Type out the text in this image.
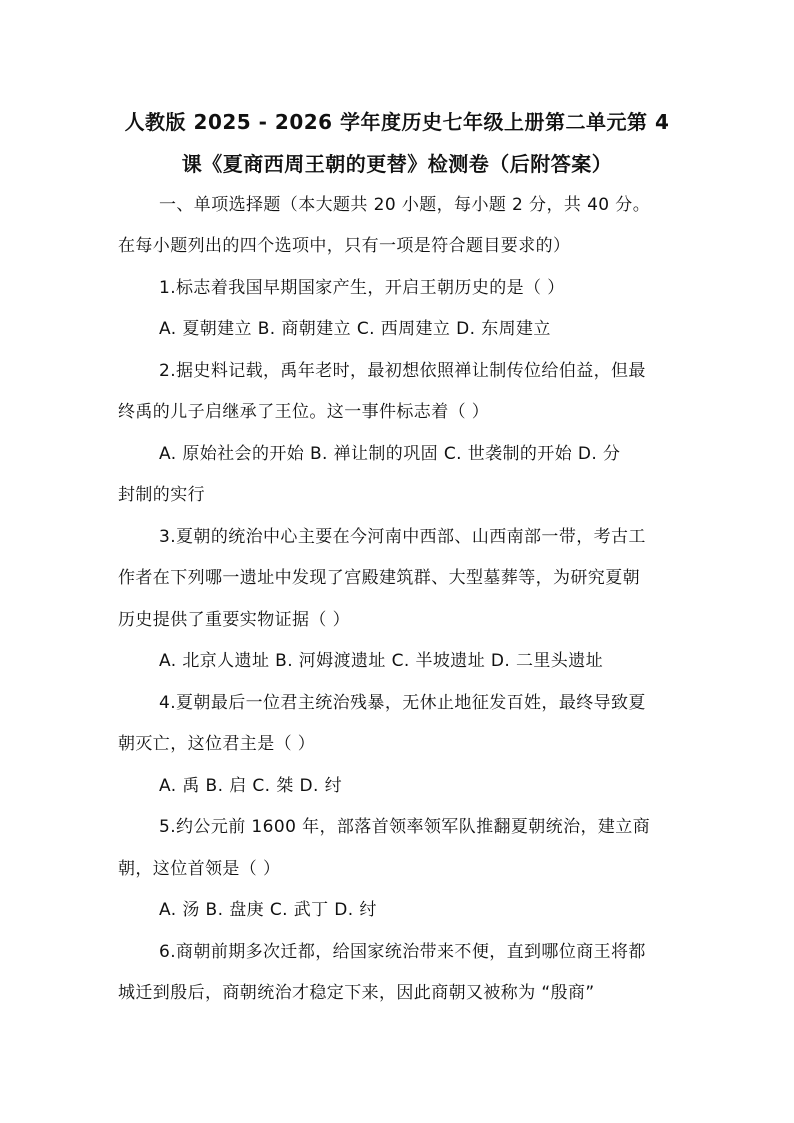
人教版 2025 - 2026 学年度历史七年级上册第二单元第 4
课《夏商西周王朝的更替》检测卷（后附答案）
一、单项选择题（本大题共 20 小题，每小题 2 分，共 40 分。
在每小题列出的四个选项中，只有一项是符合题目要求的）
1.标志着我国早期国家产生，开启王朝历史的是（ ）
A. 夏朝建立 B. 商朝建立 C. 西周建立 D. 东周建立
2.据史料记载，禹年老时，最初想依照禅让制传位给伯益，但最
终禹的儿子启继承了王位。这一事件标志着（ ）
A. 原始社会的开始 B. 禅让制的巩固 C. 世袭制的开始 D. 分
封制的实行
3.夏朝的统治中心主要在今河南中西部、山西南部一带，考古工
作者在下列哪一遗址中发现了宫殿建筑群、大型墓葬等，为研究夏朝
历史提供了重要实物证据（ ）
A. 北京人遗址 B. 河姆渡遗址 C. 半坡遗址 D. 二里头遗址
4.夏朝最后一位君主统治残暴，无休止地征发百姓，最终导致夏
朝灭亡，这位君主是（ ）
A. 禹 B. 启 C. 桀 D. 纣
5.约公元前 1600 年，部落首领率领军队推翻夏朝统治，建立商
朝，这位首领是（ ）
A. 汤 B. 盘庚 C. 武丁 D. 纣
6.商朝前期多次迁都，给国家统治带来不便，直到哪位商王将都
城迁到殷后，商朝统治才稳定下来，因此商朝又被称为 “殷商”
